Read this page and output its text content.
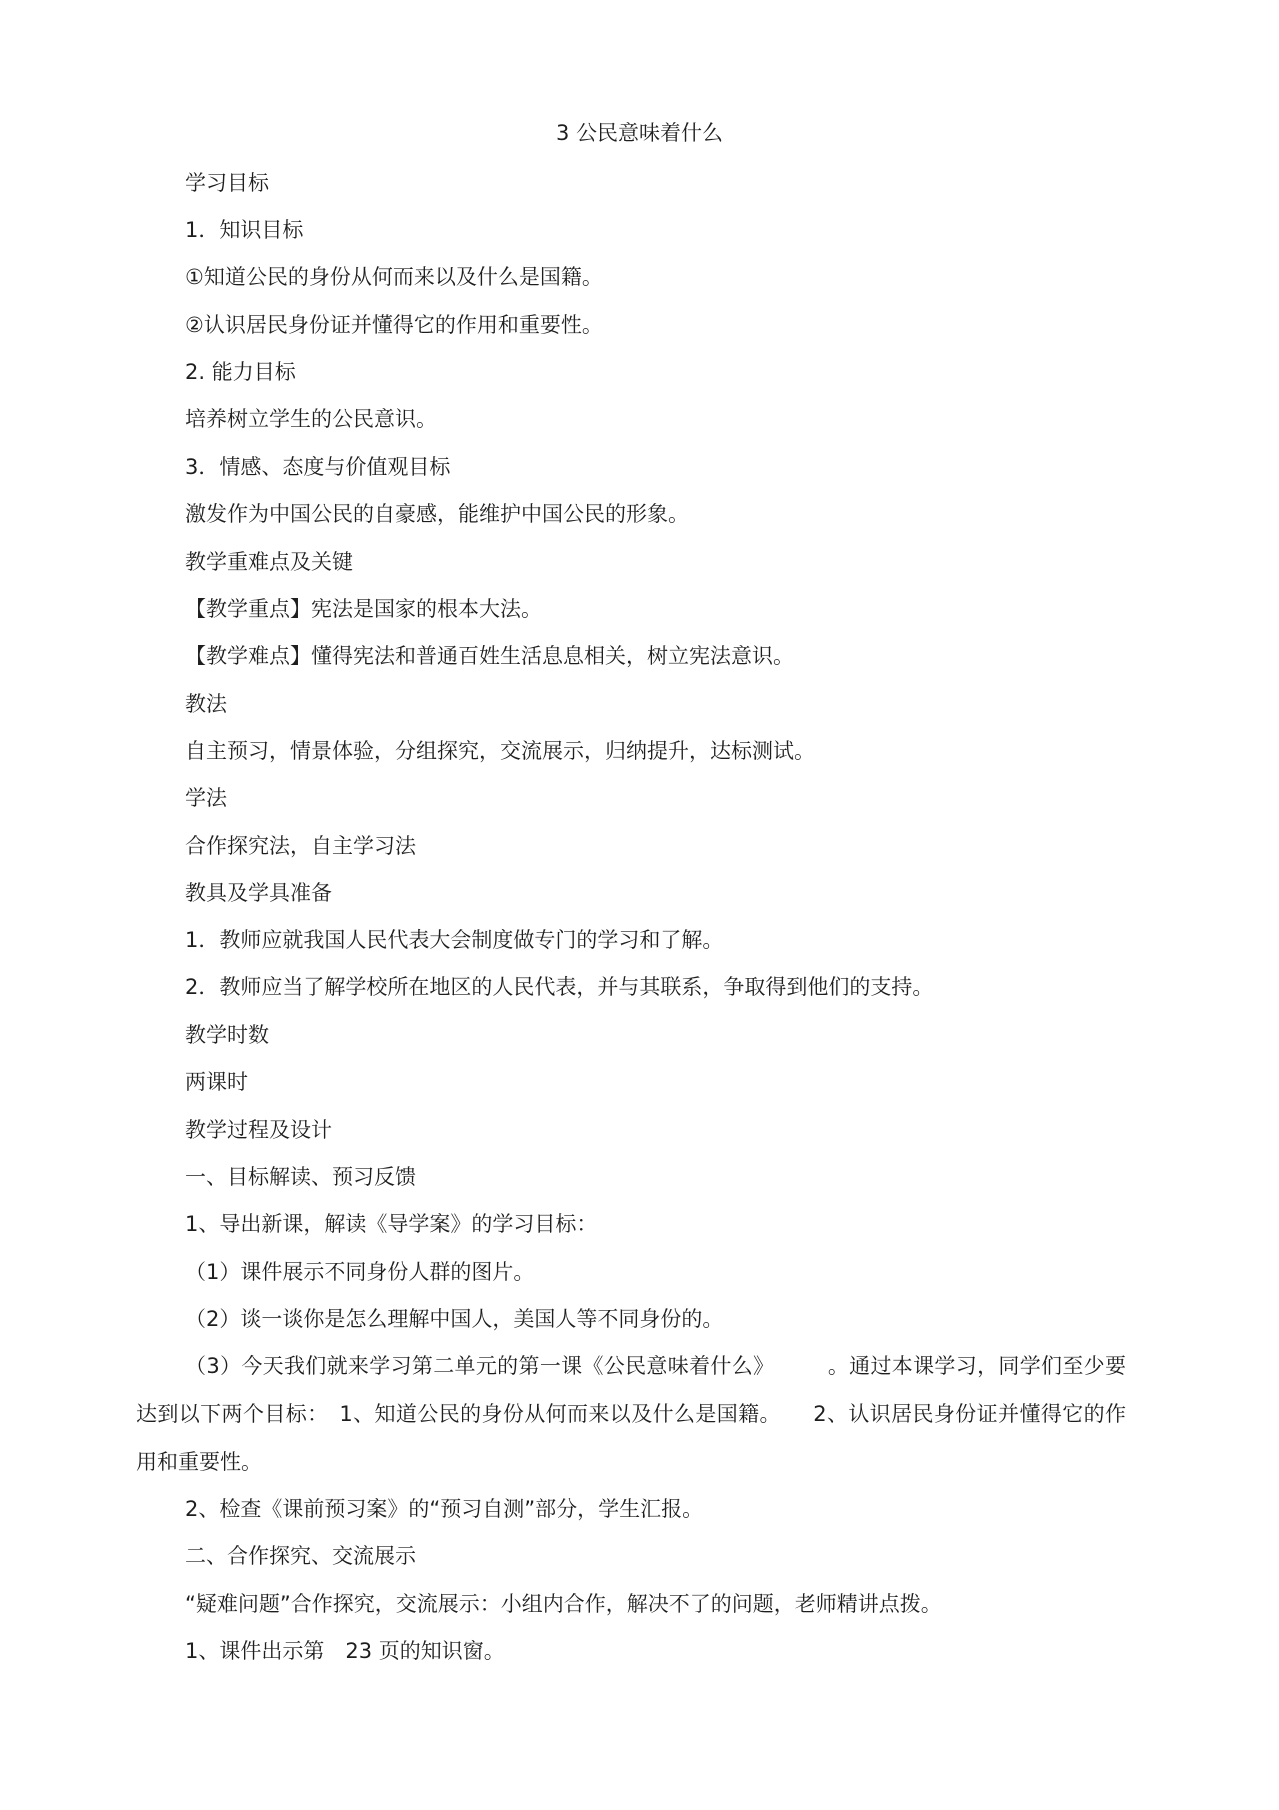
3 公民意味着什么
学习目标
1．知识目标
①知道公民的身份从何而来以及什么是国籍。
②认识居民身份证并懂得它的作用和重要性。
2. 能力目标
培养树立学生的公民意识。
3．情感、态度与价值观目标
激发作为中国公民的自豪感，能维护中国公民的形象。
教学重难点及关键
【教学重点】宪法是国家的根本大法。
【教学难点】懂得宪法和普通百姓生活息息相关，树立宪法意识。
教法
自主预习，情景体验，分组探究，交流展示，归纳提升，达标测试。
学法
合作探究法，自主学习法
教具及学具准备
1．教师应就我国人民代表大会制度做专门的学习和了解。
2．教师应当了解学校所在地区的人民代表，并与其联系，争取得到他们的支持。
教学时数
两课时
教学过程及设计
一、目标解读、预习反馈
1、导出新课，解读《导学案》的学习目标：
（1）课件展示不同身份人群的图片。
（2）谈一谈你是怎么理解中国人，美国人等不同身份的。
（3）今天我们就来学习第二单元的第一课《公民意味着什么》　　　。通过本课学习，同学们至少要达到以下两个目标：　1、知道公民的身份从何而来以及什么是国籍。　　2、认识居民身份证并懂得它的作用和重要性。
2、检查《课前预习案》的“预习自测”部分，学生汇报。
二、合作探究、交流展示
“疑难问题”合作探究，交流展示：小组内合作，解决不了的问题，老师精讲点拨。
1、课件出示第　23 页的知识窗。
